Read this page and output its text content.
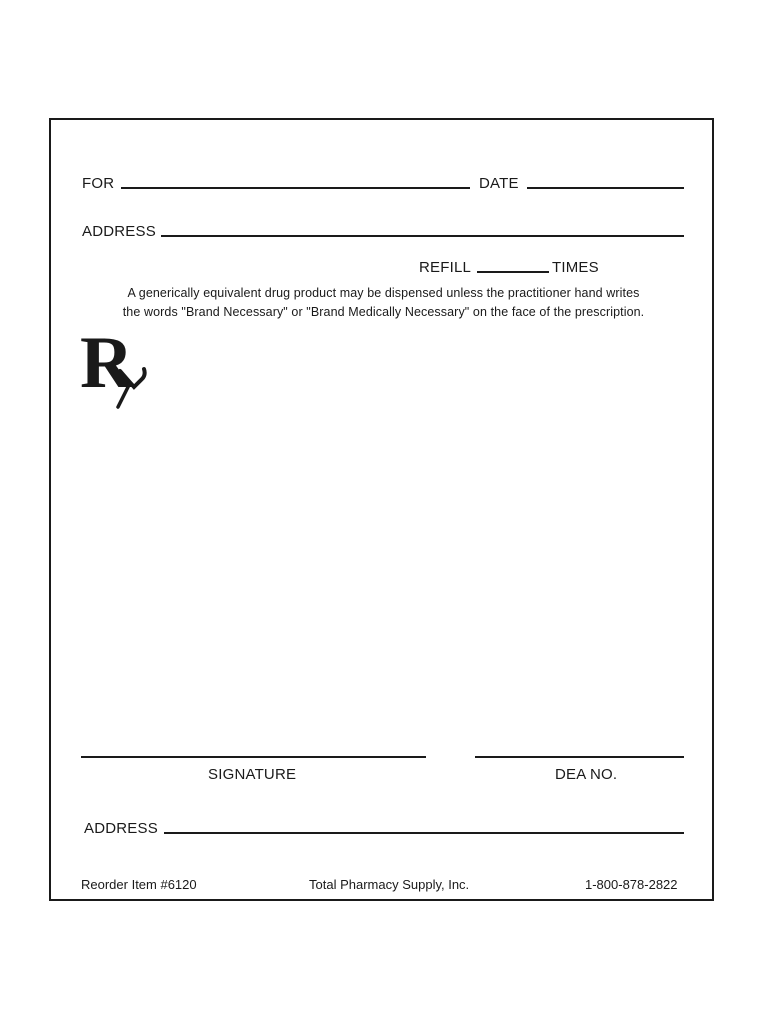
FOR	DATE
ADDRESS
REFILL	TIMES
A generically equivalent drug product may be dispensed unless the practitioner hand writes
the words "Brand Necessary" or "Brand Medically Necessary" on the face of the prescription.
R
SIGNATURE	DEA NO.
ADDRESS
Reorder Item #6120	Total Pharmacy Supply, Inc.	1-800-878-2822
